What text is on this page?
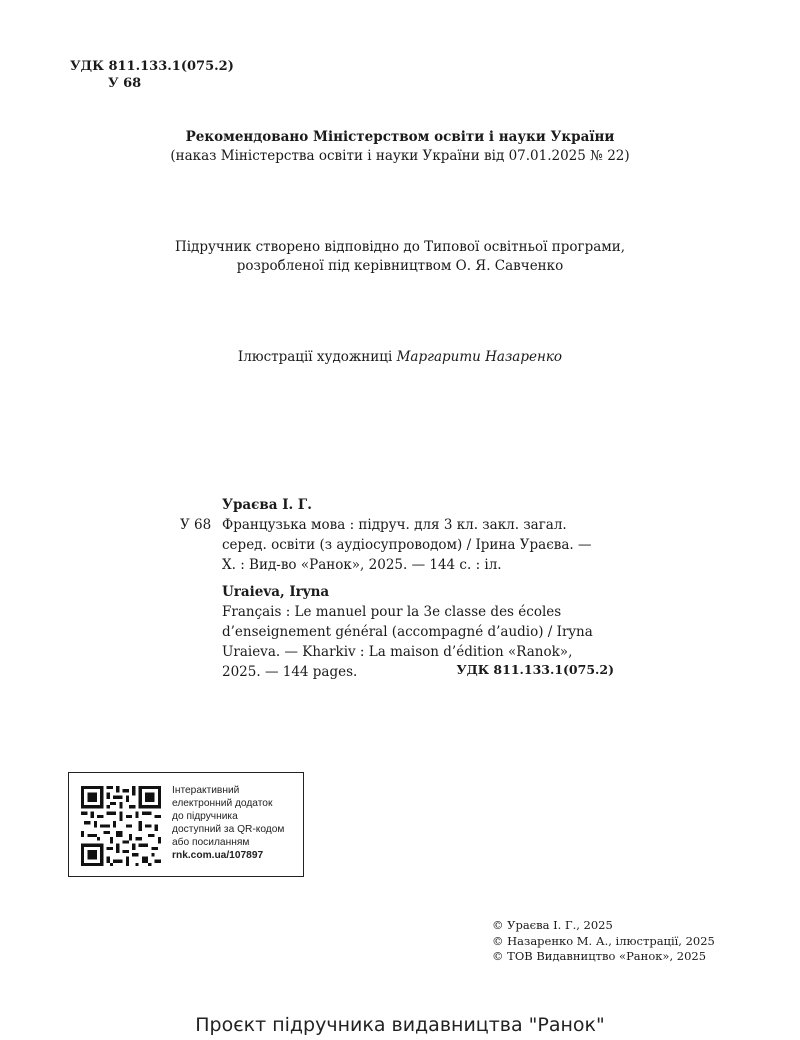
УДК 811.133.1(075.2)
У 68
Рекомендовано Міністерством освіти і науки України
(наказ Міністерства освіти і науки України від 07.01.2025 № 22)
Підручник створено відповідно до Типової освітньої програми,
розробленої під керівництвом О. Я. Савченко
Ілюстрації художниці Маргарити Назаренко
Ураєва І. Г.
У 68 Французька мова : підруч. для 3 кл. закл. загал.
серед. освіти (з аудіосупроводом) / Ірина Ураєва. —
Х. : Вид-во «Ранок», 2025. — 144 с. : іл.
Uraieva, Iryna
Français : Le manuel pour la 3e classe des écoles
d’enseignement général (accompagné d’audio) / Iryna
Uraieva. — Kharkiv : La maison d’édition «Ranok»,
2025. — 144 pages.	УДК 811.133.1(075.2)
Інтерактивний
електронний додаток
до підручника
доступний за QR-кодом
або посиланням
rnk.com.ua/107897
© Ураєва І. Г., 2025
© Назаренко М. А., ілюстрації, 2025
© ТОВ Видавництво «Ранок», 2025
Проєкт підручника видавництва "Ранок"
